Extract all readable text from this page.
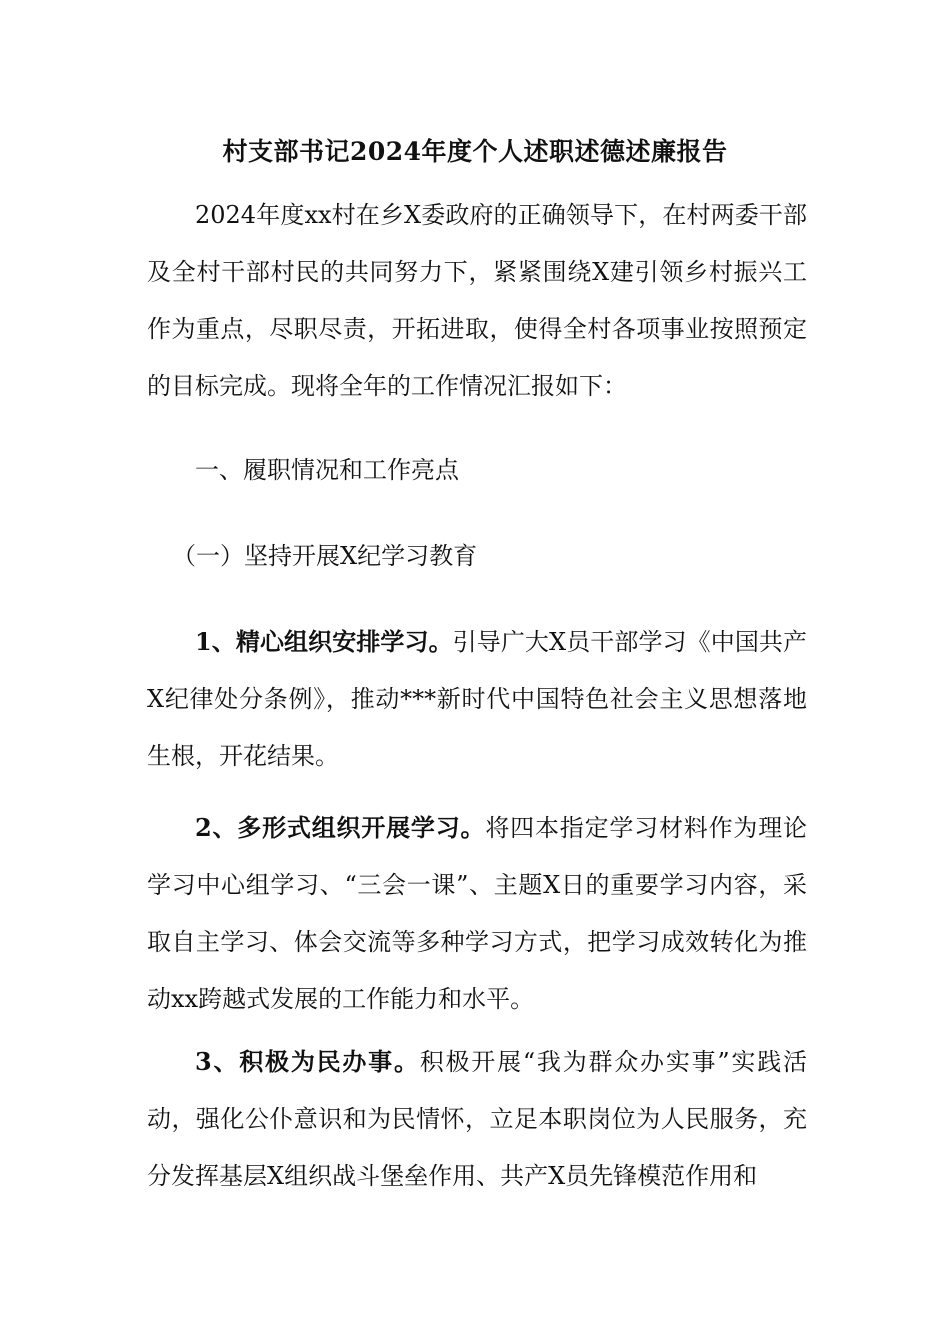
村支部书记2024年度个人述职述德述廉报告

2024年度xx村在乡X委政府的正确领导下，在村两委干部及全村干部村民的共同努力下，紧紧围绕X建引领乡村振兴工作为重点，尽职尽责，开拓进取，使得全村各项事业按照预定的目标完成。现将全年的工作情况汇报如下：

一、履职情况和工作亮点

（一）坚持开展X纪学习教育

1、精心组织安排学习。引导广大X员干部学习《中国共产X纪律处分条例》，推动***新时代中国特色社会主义思想落地生根，开花结果。

2、多形式组织开展学习。将四本指定学习材料作为理论学习中心组学习、“三会一课”、主题X日的重要学习内容，采取自主学习、体会交流等多种学习方式，把学习成效转化为推动xx跨越式发展的工作能力和水平。

3、积极为民办事。积极开展“我为群众办实事”实践活动，强化公仆意识和为民情怀，立足本职岗位为人民服务，充分发挥基层X组织战斗堡垒作用、共产X员先锋模范作用和
